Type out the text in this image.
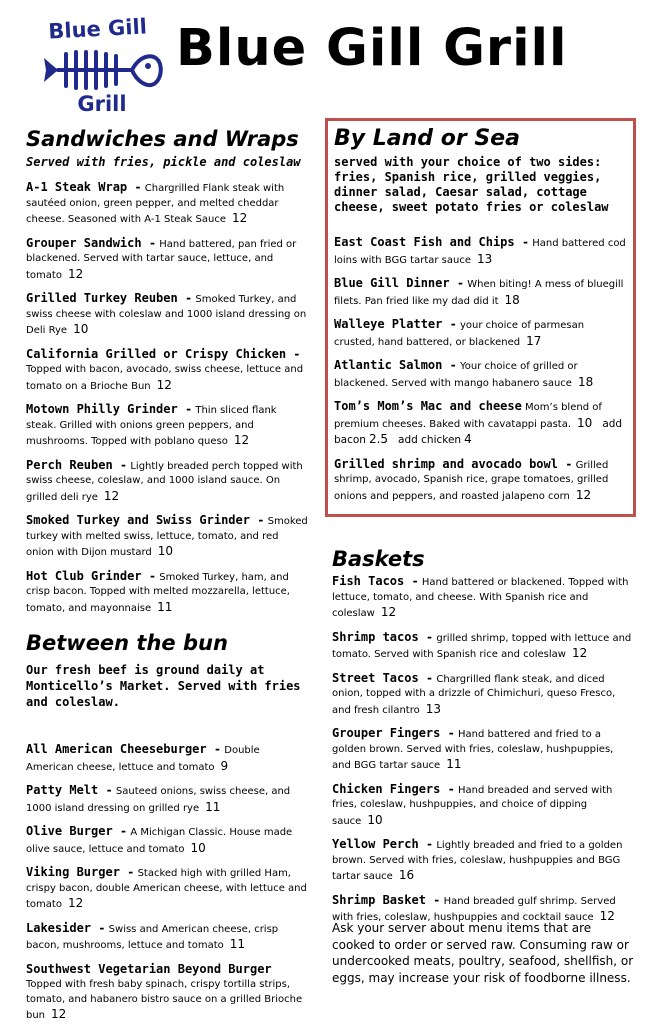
Blue Gill
Grill
Blue Gill Grill
Sandwiches and Wraps
Served with fries, pickle and coleslaw
A-1 Steak Wrap - Chargrilled Flank steak with sautéed onion, green pepper, and melted cheddar cheese. Seasoned with A-1 Steak Sauce 12
Grouper Sandwich - Hand battered, pan fried or blackened. Served with tartar sauce, lettuce, and tomato 12
Grilled Turkey Reuben - Smoked Turkey, and swiss cheese with coleslaw and 1000 island dressing on Deli Rye 10
California Grilled or Crispy Chicken - Topped with bacon, avocado, swiss cheese, lettuce and tomato on a Brioche Bun 12
Motown Philly Grinder - Thin sliced flank steak. Grilled with onions green peppers, and mushrooms. Topped with poblano queso 12
Perch Reuben - Lightly breaded perch topped with swiss cheese, coleslaw, and 1000 island sauce. On grilled deli rye 12
Smoked Turkey and Swiss Grinder - Smoked turkey with melted swiss, lettuce, tomato, and red onion with Dijon mustard 10
Hot Club Grinder - Smoked Turkey, ham, and crisp bacon. Topped with melted mozzarella, lettuce, tomato, and mayonnaise 11
Between the bun
Our fresh beef is ground daily at Monticello’s Market. Served with fries and coleslaw.
All American Cheeseburger - Double American cheese, lettuce and tomato 9
Patty Melt - Sauteed onions, swiss cheese, and 1000 island dressing on grilled rye 11
Olive Burger - A Michigan Classic. House made olive sauce, lettuce and tomato 10
Viking Burger - Stacked high with grilled Ham, crispy bacon, double American cheese, with lettuce and tomato 12
Lakesider - Swiss and American cheese, crisp bacon, mushrooms, lettuce and tomato 11
Southwest Vegetarian Beyond Burger Topped with fresh baby spinach, crispy tortilla strips, tomato, and habanero bistro sauce on a grilled Brioche bun 12
By Land or Sea
served with your choice of two sides: fries, Spanish rice, grilled veggies, dinner salad, Caesar salad, cottage cheese, sweet potato fries or coleslaw
East Coast Fish and Chips - Hand battered cod loins with BGG tartar sauce 13
Blue Gill Dinner - When biting! A mess of bluegill filets. Pan fried like my dad did it 18
Walleye Platter - your choice of parmesan crusted, hand battered, or blackened 17
Atlantic Salmon - Your choice of grilled or blackened. Served with mango habanero sauce 18
Tom’s Mom’s Mac and cheese Mom’s blend of premium cheeses. Baked with cavatappi pasta. 10 add bacon 2.5 add chicken 4
Grilled shrimp and avocado bowl - Grilled shrimp, avocado, Spanish rice, grape tomatoes, grilled onions and peppers, and roasted jalapeno corn 12
Baskets
Fish Tacos - Hand battered or blackened. Topped with lettuce, tomato, and cheese. With Spanish rice and coleslaw 12
Shrimp tacos - grilled shrimp, topped with lettuce and tomato. Served with Spanish rice and coleslaw 12
Street Tacos - Chargrilled flank steak, and diced onion, topped with a drizzle of Chimichuri, queso Fresco, and fresh cilantro 13
Grouper Fingers - Hand battered and fried to a golden brown. Served with fries, coleslaw, hushpuppies, and BGG tartar sauce 11
Chicken Fingers - Hand breaded and served with fries, coleslaw, hushpuppies, and choice of dipping sauce 10
Yellow Perch - Lightly breaded and fried to a golden brown. Served with fries, coleslaw, hushpuppies and BGG tartar sauce 16
Shrimp Basket - Hand breaded gulf shrimp. Served with fries, coleslaw, hushpuppies and cocktail sauce 12
Ask your server about menu items that are cooked to order or served raw. Consuming raw or undercooked meats, poultry, seafood, shellfish, or eggs, may increase your risk of foodborne illness.
